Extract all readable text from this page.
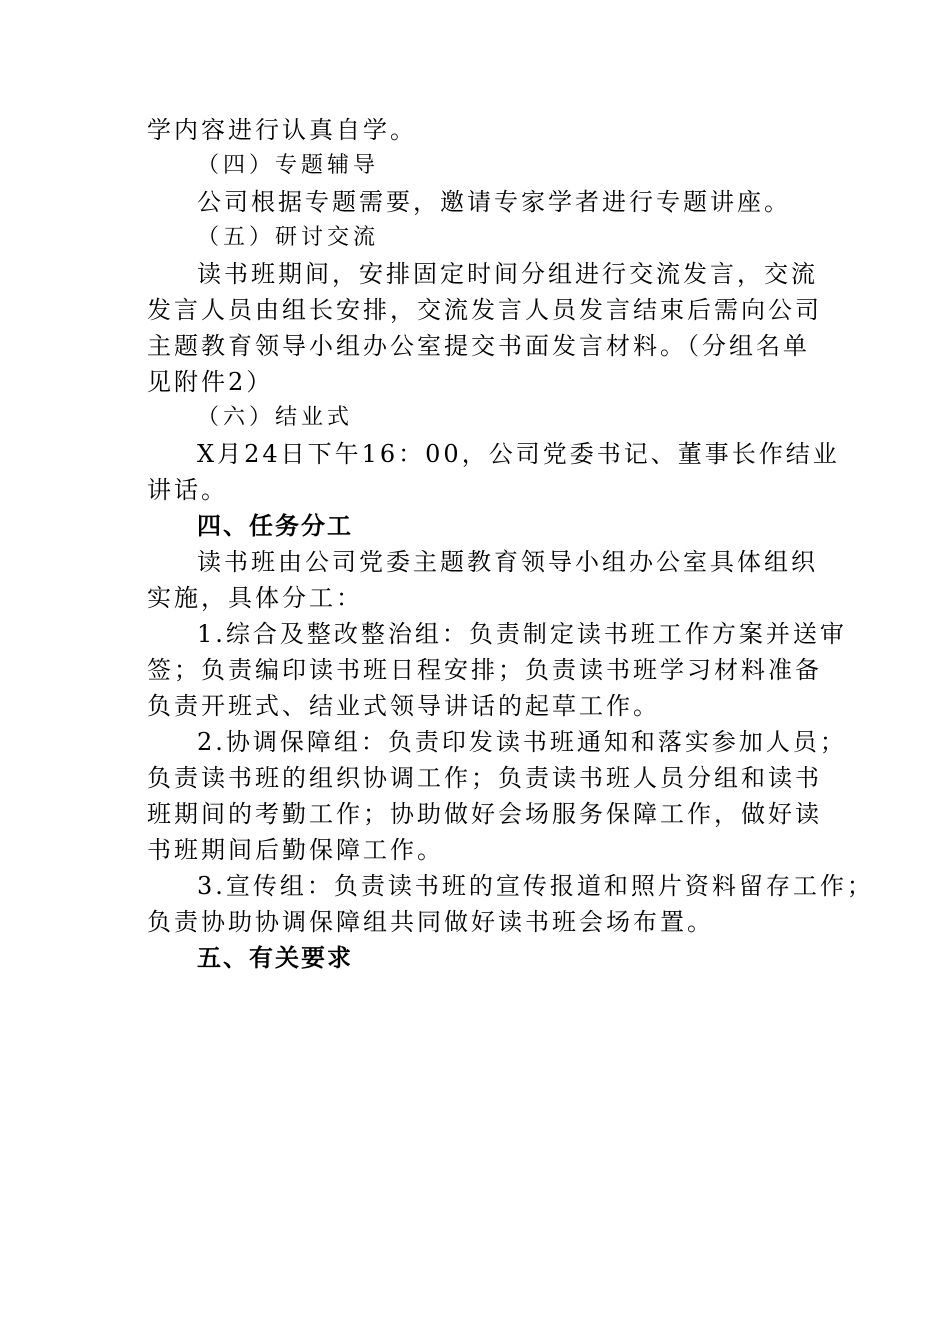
学内容进行认真自学。
（四）专题辅导
公司根据专题需要，邀请专家学者进行专题讲座。
（五）研讨交流
读书班期间，安排固定时间分组进行交流发言，交流
发言人员由组长安排，交流发言人员发言结束后需向公司
主题教育领导小组办公室提交书面发言材料。（分组名单
见附件2）
（六）结业式
X月24日下午16：00，公司党委书记、董事长作结业
讲话。
四、任务分工
读书班由公司党委主题教育领导小组办公室具体组织
实施，具体分工：
1.综合及整改整治组：负责制定读书班工作方案并送审
签；负责编印读书班日程安排；负责读书班学习材料准备
负责开班式、结业式领导讲话的起草工作。
2.协调保障组：负责印发读书班通知和落实参加人员；
负责读书班的组织协调工作；负责读书班人员分组和读书
班期间的考勤工作；协助做好会场服务保障工作，做好读
书班期间后勤保障工作。
3.宣传组：负责读书班的宣传报道和照片资料留存工作；
负责协助协调保障组共同做好读书班会场布置。
五、有关要求
